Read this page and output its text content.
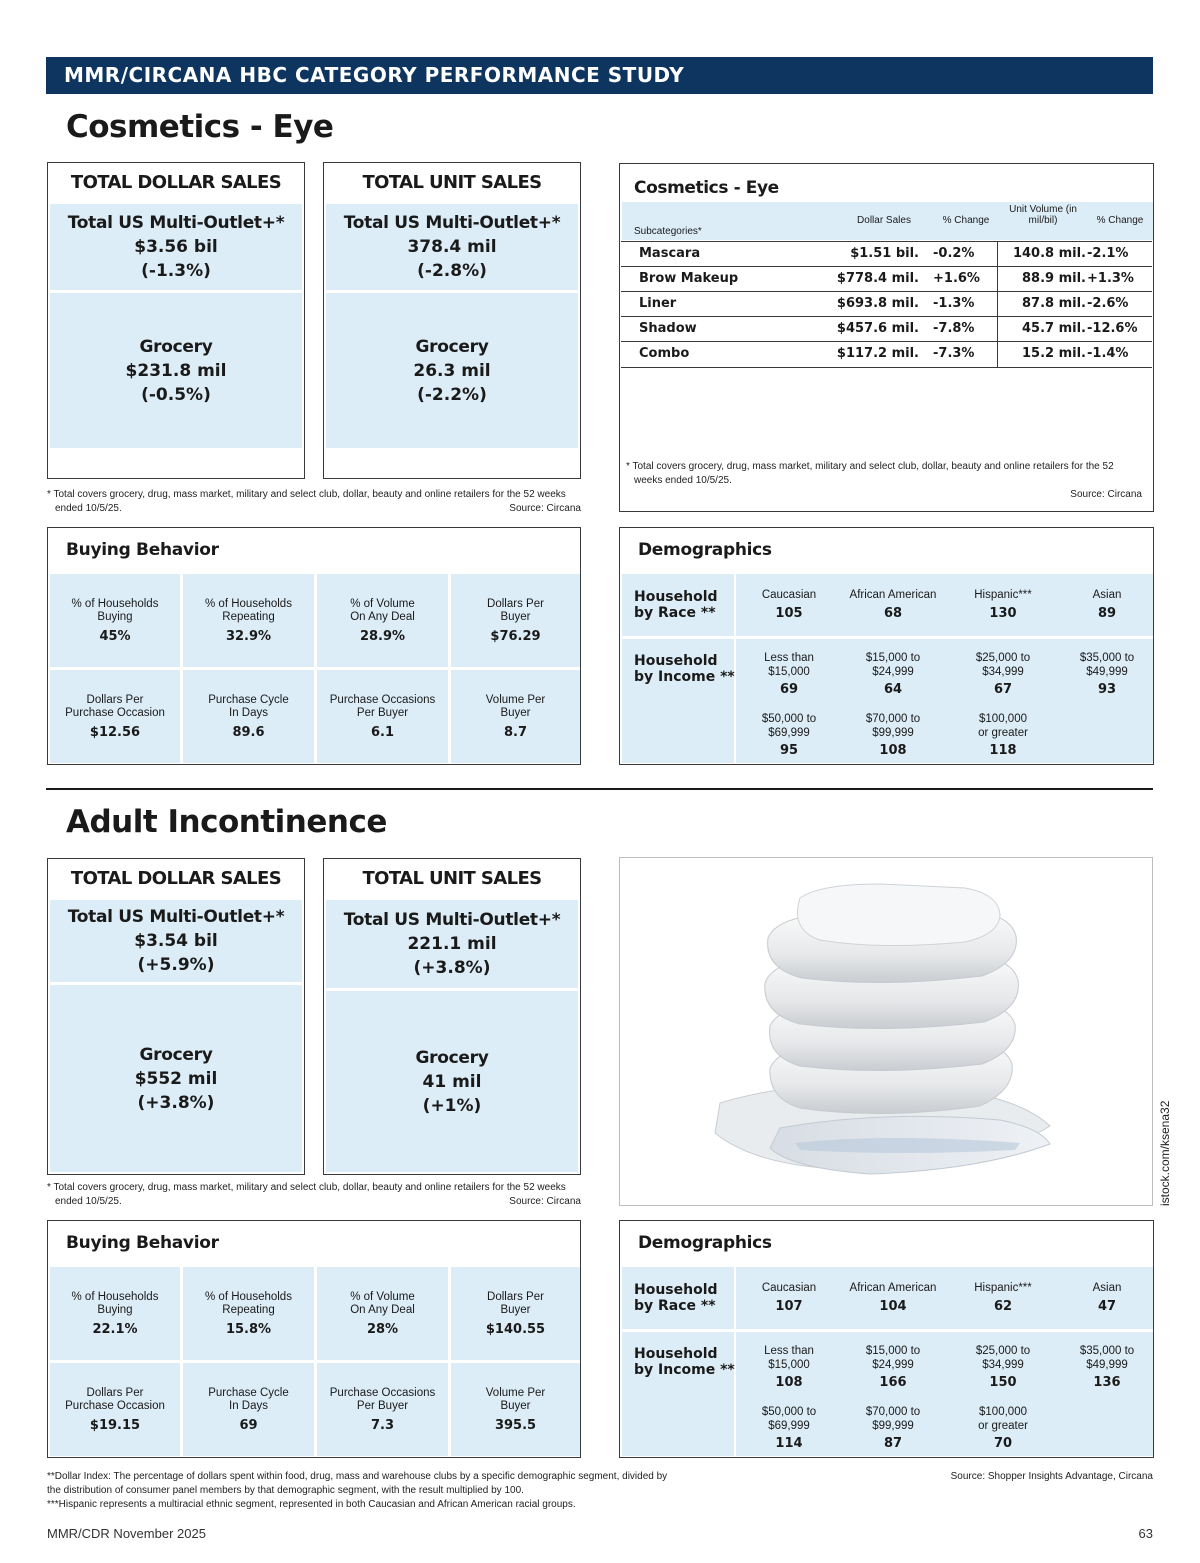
MMR/CIRCANA HBC CATEGORY PERFORMANCE STUDY
Cosmetics - Eye
TOTAL DOLLAR SALES
Total US Multi-Outlet+*
$3.56 bil
(-1.3%)
Grocery
$231.8 mil
(-0.5%)
TOTAL UNIT SALES
Total US Multi-Outlet+*
378.4 mil
(-2.8%)
Grocery
26.3 mil
(-2.2%)
* Total covers grocery, drug, mass market, military and select club, dollar, beauty and online retailers for the 52 weeks
ended 10/5/25.	Source: Circana
Cosmetics - Eye
Subcategories*
Dollar Sales	% Change
Unit Volume (in mil/bil)	% Change
Mascara	$1.51 bil. -0.2%	140.8 mil. -2.1%
Brow Makeup	$778.4 mil. +1.6%	88.9 mil. +1.3%
Liner	$693.8 mil. -1.3%	87.8 mil. -2.6%
Shadow	$457.6 mil. -7.8%	45.7 mil. -12.6%
Combo	$117.2 mil. -7.3%	15.2 mil. -1.4%
* Total covers grocery, drug, mass market, military and select club, dollar, beauty and online retailers for the 52
weeks ended 10/5/25.
Source: Circana
Buying Behavior
% of Households
Buying
45%
% of Households
Repeating
32.9%
% of Volume
On Any Deal
28.9%
Dollars Per
Buyer
$76.29
Dollars Per
Purchase Occasion
$12.56
Purchase Cycle
In Days
89.6
Purchase Occasions
Per Buyer
6.1
Volume Per
Buyer
8.7
Demographics
Household
by Race **
Caucasian
105
African American
68
Hispanic***
130
Asian
89
Household
by Income **
Less than
$15,000
69
$15,000 to
$24,999
64
$25,000 to
$34,999
67
$35,000 to
$49,999
93
$50,000 to
$69,999
95
$70,000 to
$99,999
108
$100,000
or greater
118
Adult Incontinence
TOTAL DOLLAR SALES
Total US Multi-Outlet+*
$3.54 bil
(+5.9%)
Grocery
$552 mil
(+3.8%)
TOTAL UNIT SALES
Total US Multi-Outlet+*
221.1 mil
(+3.8%)
Grocery
41 mil
(+1%)
* Total covers grocery, drug, mass market, military and select club, dollar, beauty and online retailers for the 52 weeks
ended 10/5/25.	Source: Circana	istock.com/ksena32
Buying Behavior
% of Households
Buying
22.1%
% of Households
Repeating
15.8%
% of Volume
On Any Deal
28%
Dollars Per
Buyer
$140.55
Dollars Per
Purchase Occasion
$19.15
Purchase Cycle
In Days
69
Purchase Occasions
Per Buyer
7.3
Volume Per
Buyer
395.5
Demographics
Household
by Race **
Caucasian
107
African American
104
Hispanic***
62
Asian
47
Household
by Income **
Less than
$15,000
108
$15,000 to
$24,999
166
$25,000 to
$34,999
150
$35,000 to
$49,999
136
$50,000 to
$69,999
114
$70,000 to
$99,999
87
$100,000
or greater
70
**Dollar Index: The percentage of dollars spent within food, drug, mass and warehouse clubs by a specific demographic segment, divided by
the distribution of consumer panel members by that demographic segment, with the result multiplied by 100.
***Hispanic represents a multiracial ethnic segment, represented in both Caucasian and African American racial groups.
Source: Shopper Insights Advantage, Circana
MMR/CDR November 2025	63
